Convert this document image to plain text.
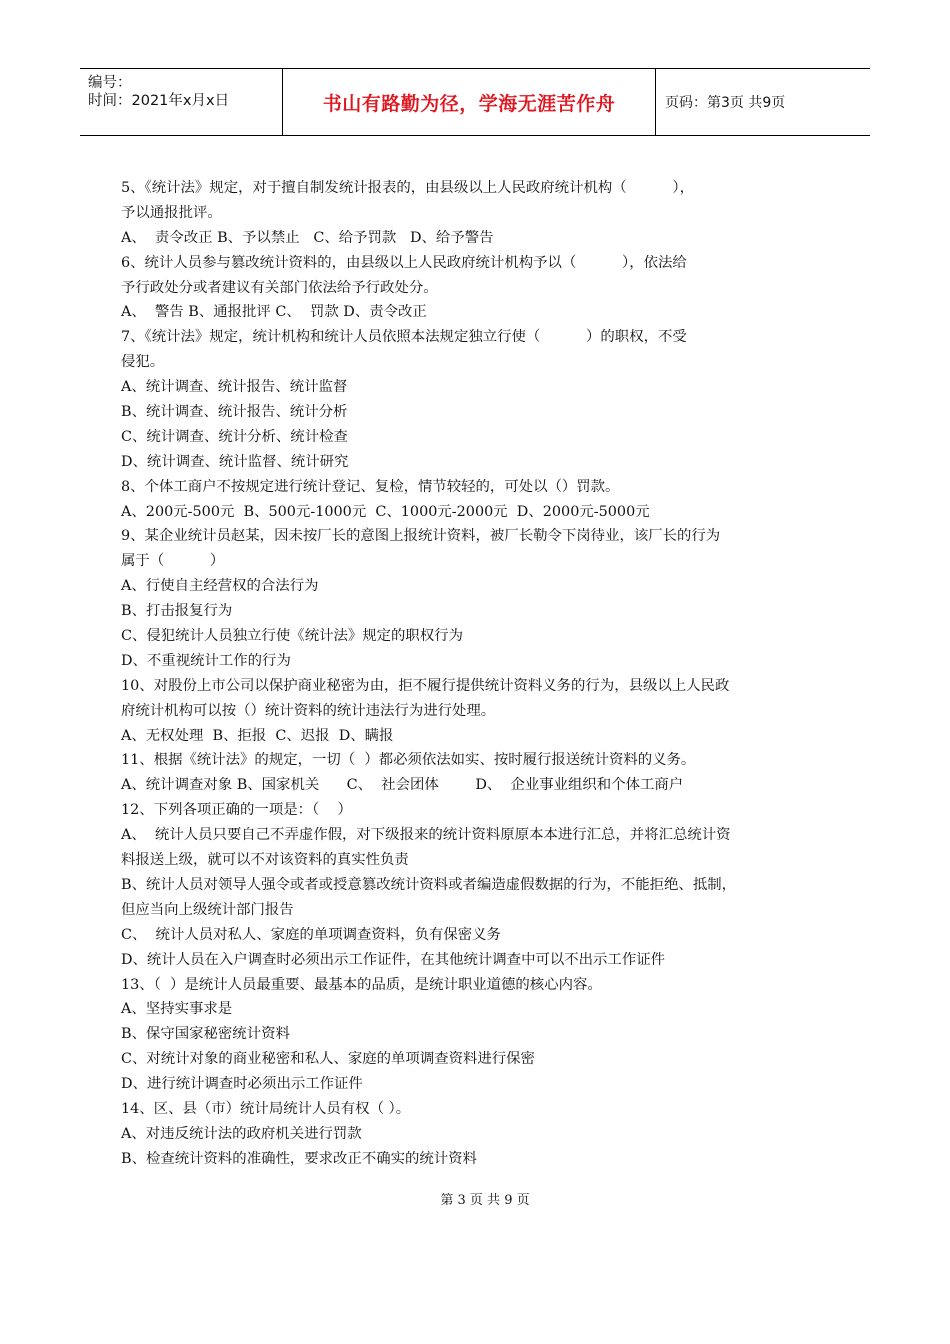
编号：
时间：2021年x月x日	书山有路勤为径，学海无涯苦作舟	页码：第3页 共9页
5、《统计法》规定，对于擅自制发统计报表的，由县级以上人民政府统计机构（          ），
予以通报批评。
A、  责令改正 B、予以禁止   C、给予罚款   D、给予警告
6、统计人员参与篡改统计资料的，由县级以上人民政府统计机构予以（          ），依法给
予行政处分或者建议有关部门依法给予行政处分。
A、  警告 B、通报批评 C、  罚款 D、责令改正
7、《统计法》规定，统计机构和统计人员依照本法规定独立行使（          ）的职权，不受
侵犯。
A、统计调查、统计报告、统计监督
B、统计调查、统计报告、统计分析
C、统计调查、统计分析、统计检查
D、统计调查、统计监督、统计研究
8、个体工商户不按规定进行统计登记、复检，情节较轻的，可处以（）罚款。
A、200元-500元  B、500元-1000元  C、1000元-2000元  D、2000元-5000元
9、某企业统计员赵某，因未按厂长的意图上报统计资料，被厂长勒令下岗待业，该厂长的行为
属于（          ）
A、行使自主经营权的合法行为
B、打击报复行为
C、侵犯统计人员独立行使《统计法》规定的职权行为
D、不重视统计工作的行为
10、对股份上市公司以保护商业秘密为由，拒不履行提供统计资料义务的行为，县级以上人民政
府统计机构可以按（）统计资料的统计违法行为进行处理。
A、无权处理  B、拒报  C、迟报  D、瞒报
11、根据《统计法》的规定，一切（  ）都必须依法如实、按时履行报送统计资料的义务。
A、统计调查对象 B、国家机关      C、  社会团体        D、  企业事业组织和个体工商户
12、下列各项正确的一项是：（    ）
A、  统计人员只要自己不弄虚作假，对下级报来的统计资料原原本本进行汇总，并将汇总统计资
料报送上级，就可以不对该资料的真实性负责
B、统计人员对领导人强令或者或授意篡改统计资料或者编造虚假数据的行为，不能拒绝、抵制，
但应当向上级统计部门报告
C、  统计人员对私人、家庭的单项调查资料，负有保密义务
D、统计人员在入户调查时必须出示工作证件，在其他统计调查中可以不出示工作证件
13、（  ）是统计人员最重要、最基本的品质，是统计职业道德的核心内容。
A、坚持实事求是
B、保守国家秘密统计资料
C、对统计对象的商业秘密和私人、家庭的单项调查资料进行保密
D、进行统计调查时必须出示工作证件
14、区、县（市）统计局统计人员有权（ ）。
A、对违反统计法的政府机关进行罚款
B、检查统计资料的准确性，要求改正不确实的统计资料
第 3 页 共 9 页
